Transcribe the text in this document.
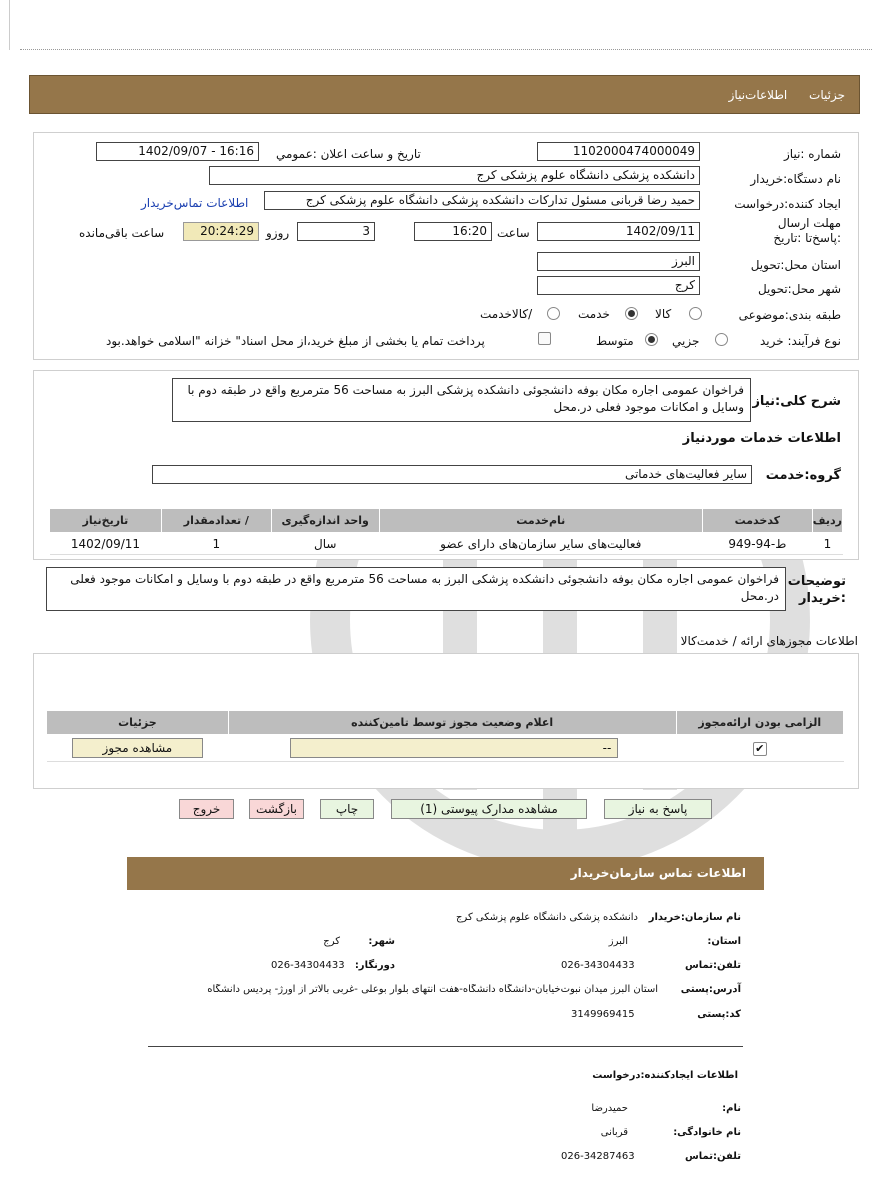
جزئیات اطلاعات‌نیاز
شماره :نیاز
1102000474000049
تاریخ و ساعت اعلان :عمومي
1402/09/07 - 16:16
نام دستگاه:خریدار
دانشکده پزشکی دانشگاه علوم پزشکی کرج
ایجاد کننده:درخواست
حمید رضا قربانی مسئول تدارکات دانشکده پزشکی دانشگاه علوم پزشکی کرج
اطلاعات تماس‌خریدار
مهلت ارسال :پاسخ‌تا :تاریخ
1402/09/11
ساعت
16:20
3
روزو
20:24:29
ساعت باقی‌مانده
استان محل:تحویل
البرز
شهر محل:تحویل
کرج
طبقه بندی:موضوعی
کالا
خدمت
/کالاخدمت
نوع فرآیند: خرید
جزيي
متوسط
پرداخت تمام یا بخشی از مبلغ خرید،از محل اسناد" خزانه "اسلامی خواهد.بود
شرح کلی:نیاز
فراخوان عمومی اجاره مکان بوفه دانشجوئی دانشکده پزشکی البرز به مساحت 56 مترمربع واقع در طبقه دوم با وسایل و امکانات موجود فعلی در.محل
اطلاعات خدمات موردنیاز
گروه:خدمت
سایر فعالیت‌های خدماتی
ردیف	کدخدمت	نام‌خدمت	واحد اندازه‌گیری	/ تعدادمقدار	تاریخ‌نیاز
1	ط-94-949	فعالیت‌های سایر سازمان‌های دارای عضو	سال	1	1402/09/11
توضیحات :خریدار
فراخوان عمومی اجاره مکان بوفه دانشجوئی دانشکده پزشکی البرز به مساحت 56 مترمربع واقع در طبقه دوم با وسایل و امکانات موجود فعلی در.محل
اطلاعات مجوزهای ارائه / خدمت‌کالا
الزامی بودن ارائه‌مجوز	اعلام وضعیت مجوز توسط تامین‌کننده	جزئیات
✔	--	مشاهده مجوز
پاسخ به نیاز
مشاهده مدارک پیوستی (1)
چاپ
بازگشت
خروج
اطلاعات تماس سازمان‌خریدار
نام سازمان:خریدار
دانشکده پزشکی دانشگاه علوم پزشکی کرج
استان:
البرز
شهر:
کرج
تلفن:تماس
026-34304433
دورنگار:
026-34304433
آدرس:پستی
استان البرز میدان نبوت‌خیابان-دانشگاه دانشگاه-هفت انتهای بلوار بوعلی -غربی بالاتر از اورژ- پردیس دانشگاه
کد:پستی
3149969415
اطلاعات ایجادکننده:درخواست
نام:
حمیدرضا
نام خانوادگی:
قربانی
تلفن:تماس
026-34287463
